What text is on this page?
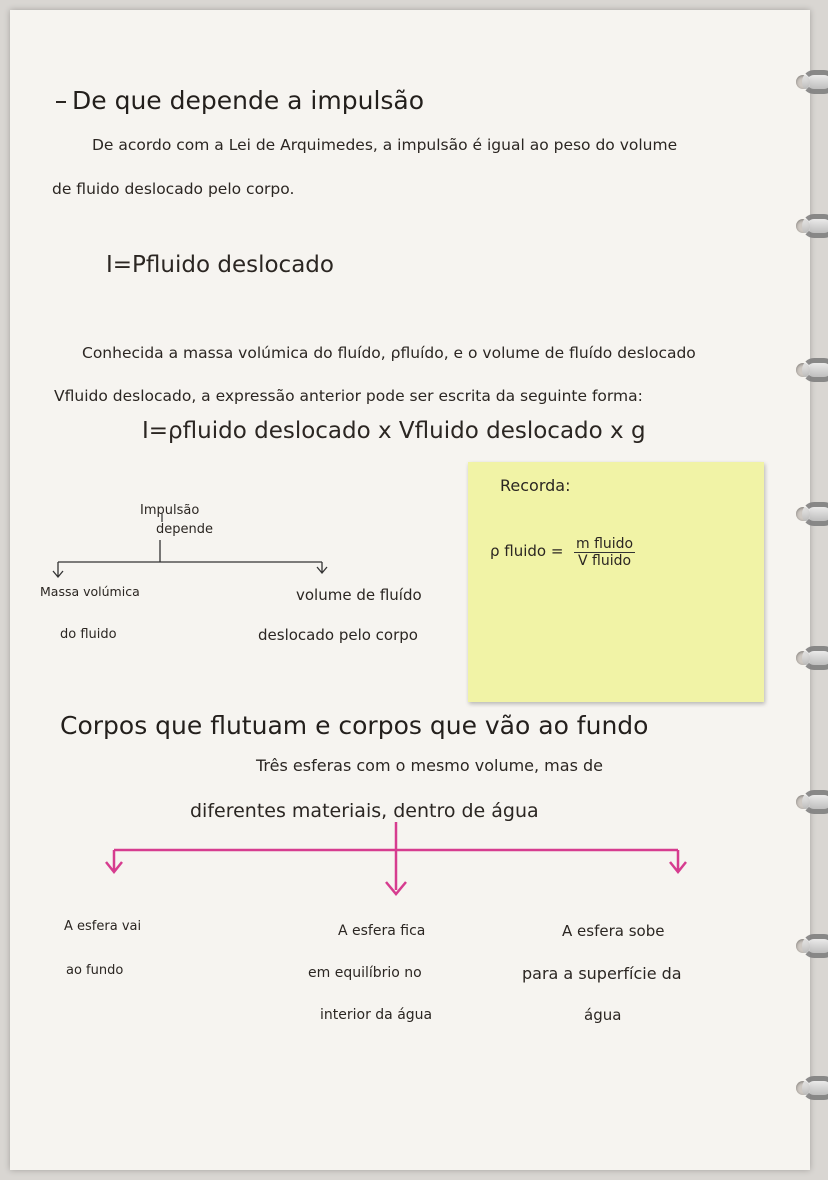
De que depende a impulsão
De acordo com a Lei de Arquimedes, a impulsão é igual ao peso do volume
de fluido deslocado pelo corpo.
I=Pfluido deslocado
Conhecida a massa volúmica do fluído, ρfluído, e o volume de fluído deslocado
Vfluido deslocado, a expressão anterior pode ser escrita da seguinte forma:
I=ρfluido deslocado x Vfluido deslocado x g
Impulsão
depende
Massa volúmica
do fluido
volume de fluído
deslocado pelo corpo
Recorda:
ρ fluido = m fluido
V fluido
Corpos que flutuam e corpos que vão ao fundo
Três esferas com o mesmo volume, mas de
diferentes materiais, dentro de água
A esfera vai
ao fundo
A esfera fica
em equilíbrio no
interior da água
A esfera sobe
para a superfície da
água
